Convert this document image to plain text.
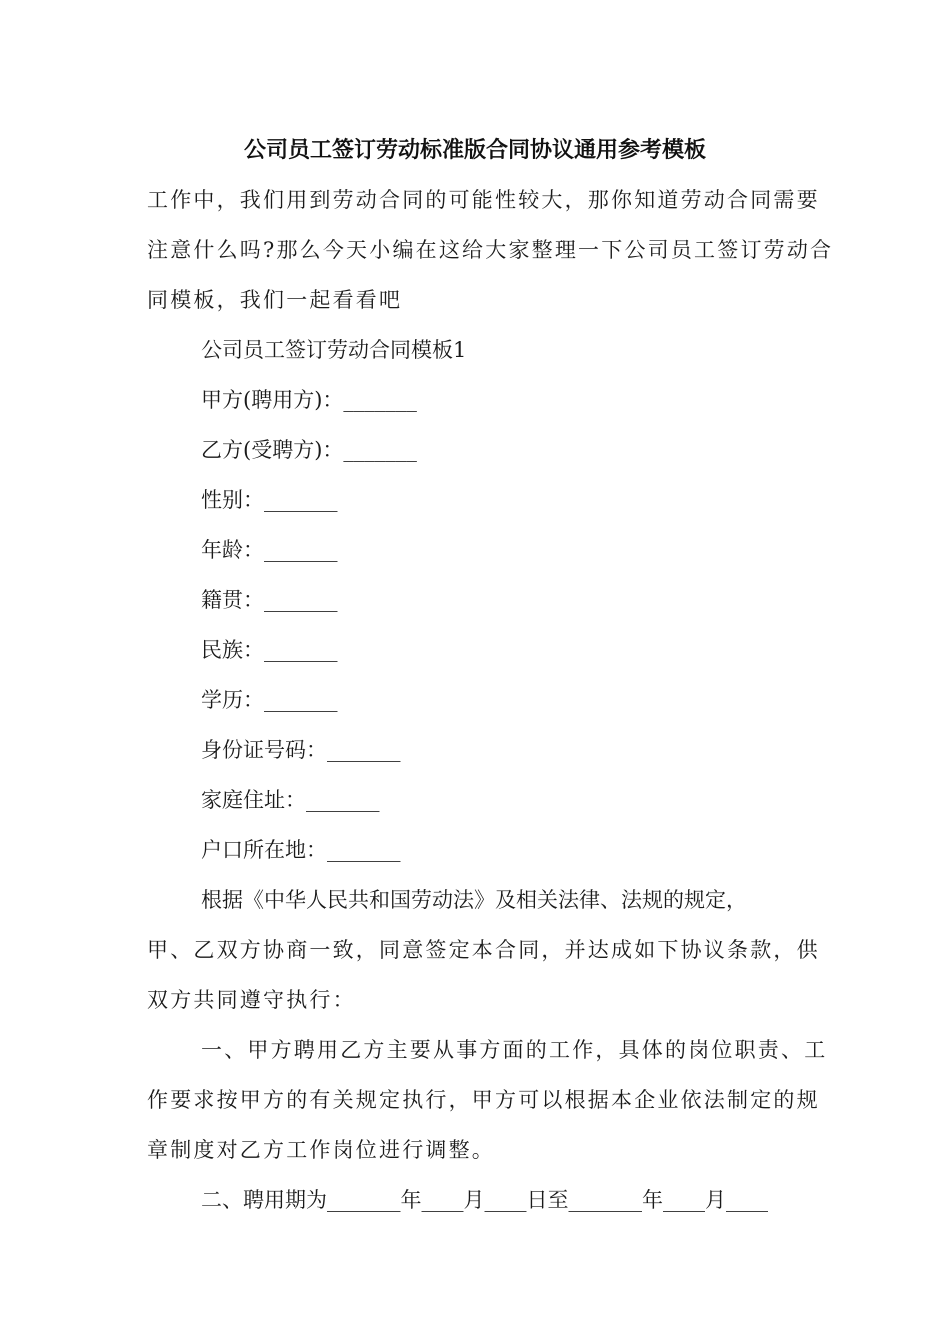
公司员工签订劳动标准版合同协议通用参考模板

工作中，我们用到劳动合同的可能性较大，那你知道劳动合同需要

注意什么吗?那么今天小编在这给大家整理一下公司员工签订劳动合

同模板，我们一起看看吧

公司员工签订劳动合同模板1

甲方(聘用方)：_______

乙方(受聘方)：_______

性别：_______

年龄：_______

籍贯：_______

民族：_______

学历：_______

身份证号码：_______

家庭住址：_______

户口所在地：_______

根据《中华人民共和国劳动法》及相关法律、法规的规定，

甲、乙双方协商一致，同意签定本合同，并达成如下协议条款，供

双方共同遵守执行：

一、甲方聘用乙方主要从事方面的工作，具体的岗位职责、工

作要求按甲方的有关规定执行，甲方可以根据本企业依法制定的规

章制度对乙方工作岗位进行调整。

二、聘用期为_______年____月____日至_______年____月____
